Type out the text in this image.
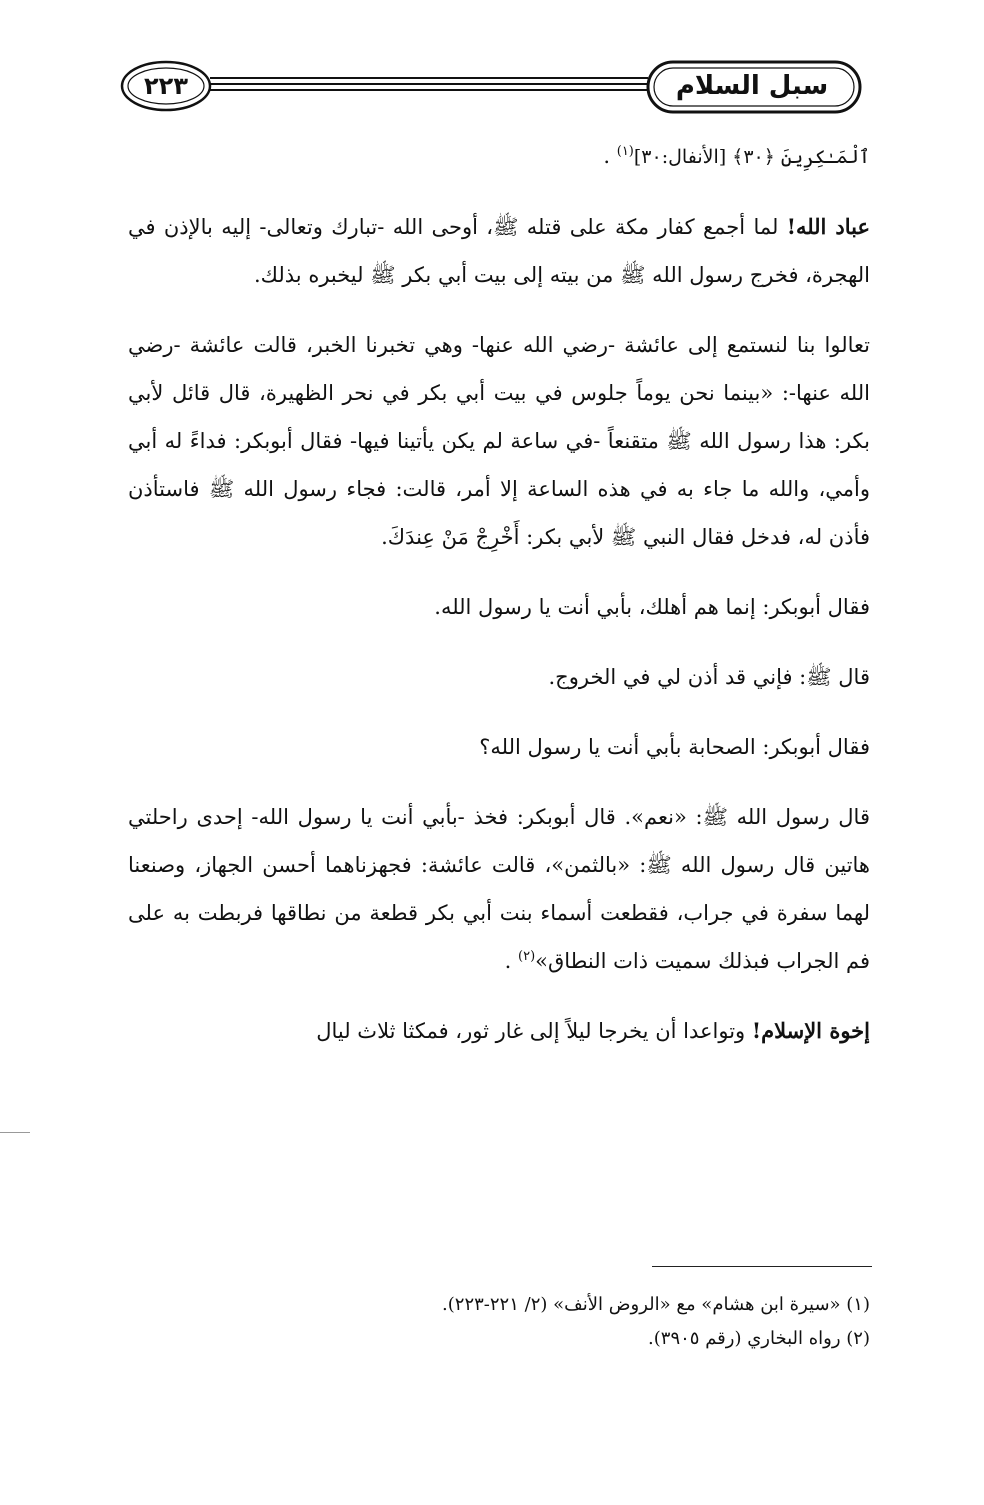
٢٢٣	سبل السلام

ٱلْمَـٰكِرِينَ ﴿٣٠﴾ [الأنفال:٣٠]$^{(١)}$ .

عباد الله! لما أجمع كفار مكة على قتله ﷺ، أوحى الله -تبارك وتعالى- إليه بالإذن في الهجرة، فخرج رسول الله ﷺ من بيته إلى بيت أبي بكر ﷺ ليخبره بذلك.

تعالوا بنا لنستمع إلى عائشة -رضي الله عنها- وهي تخبرنا الخبر، قالت عائشة -رضي الله عنها-: «بينما نحن يوماً جلوس في بيت أبي بكر في نحر الظهيرة، قال قائل لأبي بكر: هذا رسول الله ﷺ متقنعاً -في ساعة لم يكن يأتينا فيها- فقال أبوبكر: فداءً له أبي وأمي، والله ما جاء به في هذه الساعة إلا أمر، قالت: فجاء رسول الله ﷺ فاستأذن فأذن له، فدخل فقال النبي ﷺ لأبي بكر: أَخْرِجْ مَنْ عِندَكَ.

فقال أبوبكر: إنما هم أهلك، بأبي أنت يا رسول الله.

قال ﷺ: فإني قد أذن لي في الخروج.

فقال أبوبكر: الصحابة بأبي أنت يا رسول الله؟

قال رسول الله ﷺ: «نعم». قال أبوبكر: فخذ -بأبي أنت يا رسول الله- إحدى راحلتي هاتين قال رسول الله ﷺ: «بالثمن»، قالت عائشة: فجهزناهما أحسن الجهاز، وصنعنا لهما سفرة في جراب، فقطعت أسماء بنت أبي بكر قطعة من نطاقها فربطت به على فم الجراب فبذلك سميت ذات النطاق»$^{(٢)}$ .

إخوة الإسلام! وتواعدا أن يخرجا ليلاً إلى غار ثور، فمكثا ثلاث ليال

(١) «سيرة ابن هشام» مع «الروض الأنف» (٢/ ٢٢١-٢٢٣).
(٢) رواه البخاري (رقم ٣٩٠٥).
